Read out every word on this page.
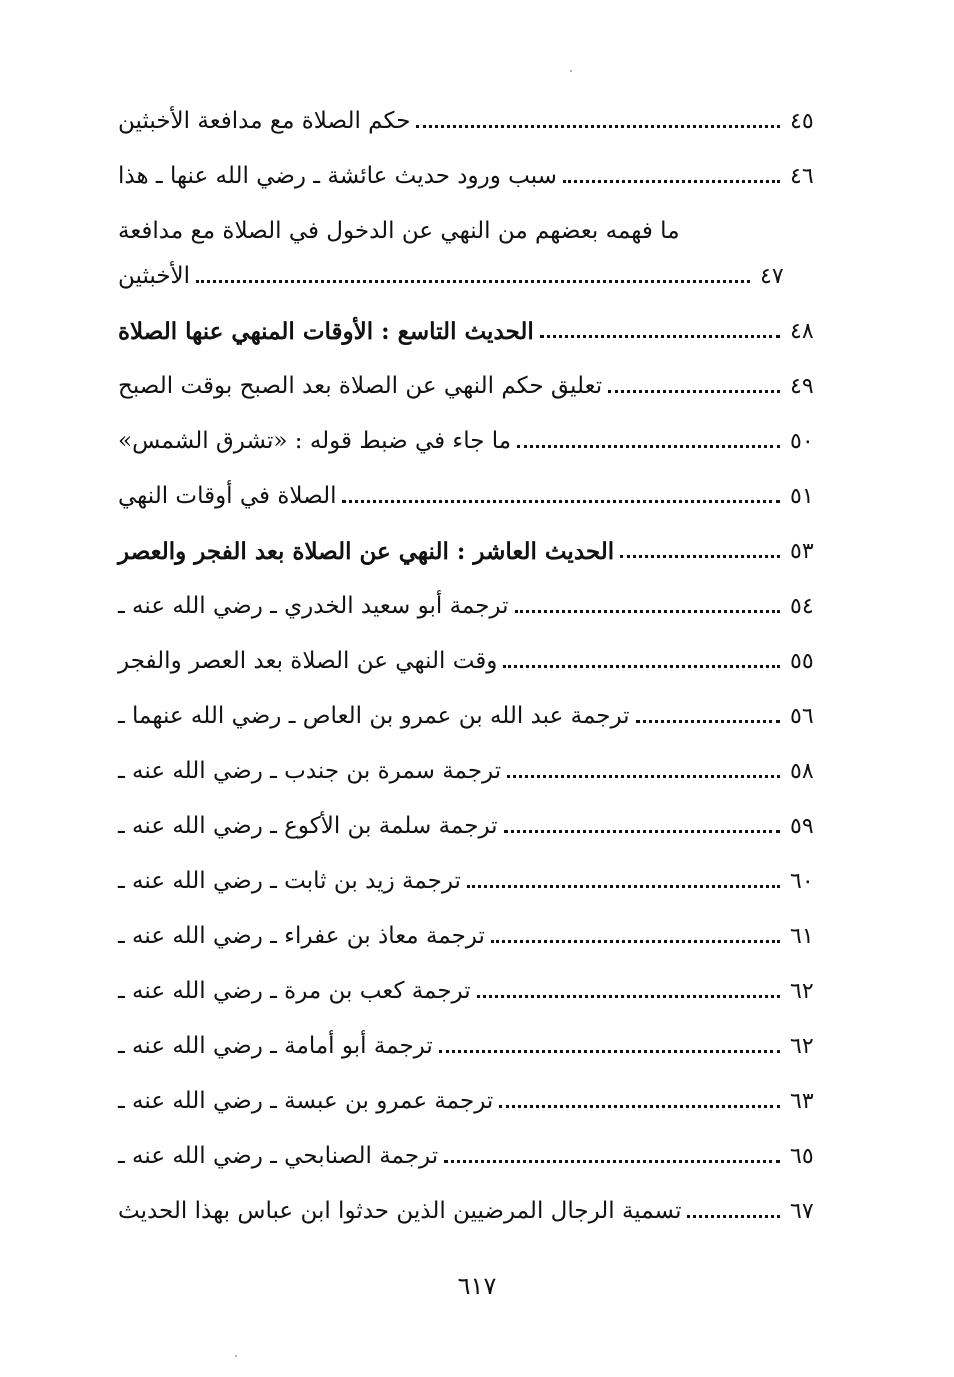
حكم الصلاة مع مدافعة الأخبثين	٤٥
سبب ورود حديث عائشة ـ رضي الله عنها ـ هذا	٤٦
ما فهمه بعضهم من النهي عن الدخول في الصلاة مع مدافعة
الأخبثين	٤٧
الحديث التاسع : الأوقات المنهي عنها الصلاة	٤٨
تعليق حكم النهي عن الصلاة بعد الصبح بوقت الصبح	٤٩
ما جاء في ضبط قوله : «تشرق الشمس»	٥٠
الصلاة في أوقات النهي	٥١
الحديث العاشر : النهي عن الصلاة بعد الفجر والعصر	٥٣
ترجمة أبو سعيد الخدري ـ رضي الله عنه ـ	٥٤
وقت النهي عن الصلاة بعد العصر والفجر	٥٥
ترجمة عبد الله بن عمرو بن العاص ـ رضي الله عنهما ـ	٥٦
ترجمة سمرة بن جندب ـ رضي الله عنه ـ	٥٨
ترجمة سلمة بن الأكوع ـ رضي الله عنه ـ	٥٩
ترجمة زيد بن ثابت ـ رضي الله عنه ـ	٦٠
ترجمة معاذ بن عفراء ـ رضي الله عنه ـ	٦١
ترجمة كعب بن مرة ـ رضي الله عنه ـ	٦٢
ترجمة أبو أمامة ـ رضي الله عنه ـ	٦٢
ترجمة عمرو بن عبسة ـ رضي الله عنه ـ	٦٣
ترجمة الصنابحي ـ رضي الله عنه ـ	٦٥
تسمية الرجال المرضيين الذين حدثوا ابن عباس بهذا الحديث	٦٧
٦١٧
